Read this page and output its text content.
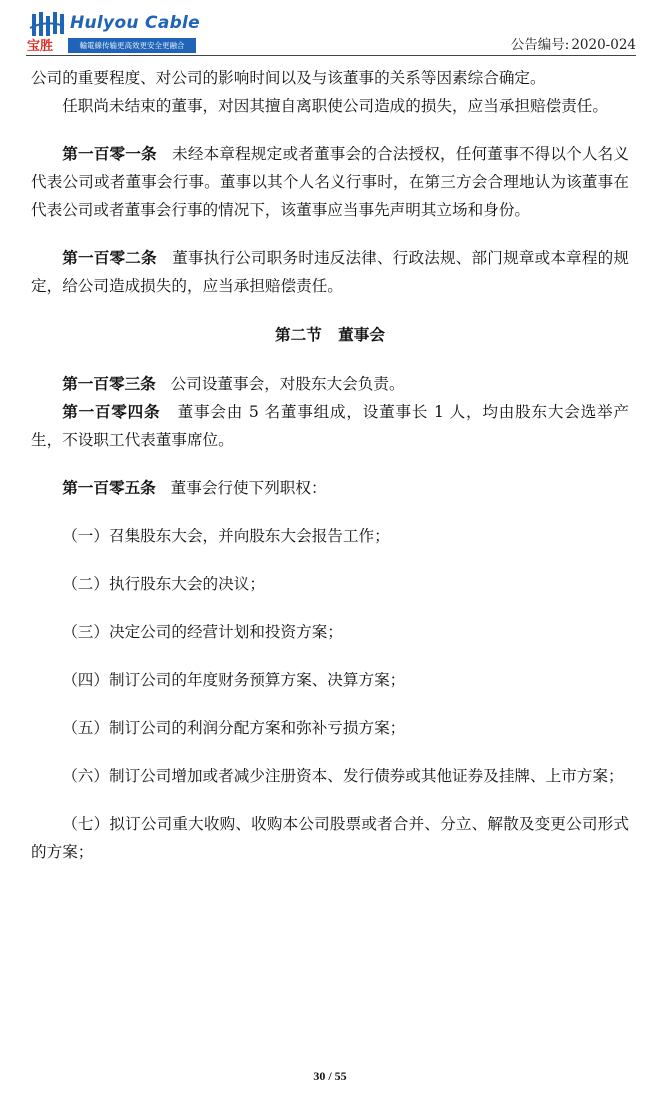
宝胜
Hulyou Cable
輸電線传输更高效更安全更融合	公告编号: 2020-024

公司的重要程度、对公司的影响时间以及与该董事的关系等因素综合确定。

任职尚未结束的董事，对因其擅自离职使公司造成的损失，应当承担赔偿责任。

第一百零一条 未经本章程规定或者董事会的合法授权，任何董事不得以个人名义代表公司或者董事会行事。董事以其个人名义行事时，在第三方会合理地认为该董事在代表公司或者董事会行事的情况下，该董事应当事先声明其立场和身份。

第一百零二条 董事执行公司职务时违反法律、行政法规、部门规章或本章程的规定，给公司造成损失的，应当承担赔偿责任。

第二节 董事会

第一百零三条 公司设董事会，对股东大会负责。

第一百零四条 董事会由 5 名董事组成，设董事长 1 人，均由股东大会选举产生，不设职工代表董事席位。

第一百零五条 董事会行使下列职权：

（一）召集股东大会，并向股东大会报告工作；

（二）执行股东大会的决议；

（三）决定公司的经营计划和投资方案；

（四）制订公司的年度财务预算方案、决算方案；

（五）制订公司的利润分配方案和弥补亏损方案；

（六）制订公司增加或者减少注册资本、发行债券或其他证券及挂牌、上市方案；

（七）拟订公司重大收购、收购本公司股票或者合并、分立、解散及变更公司形式的方案；

30 / 55
